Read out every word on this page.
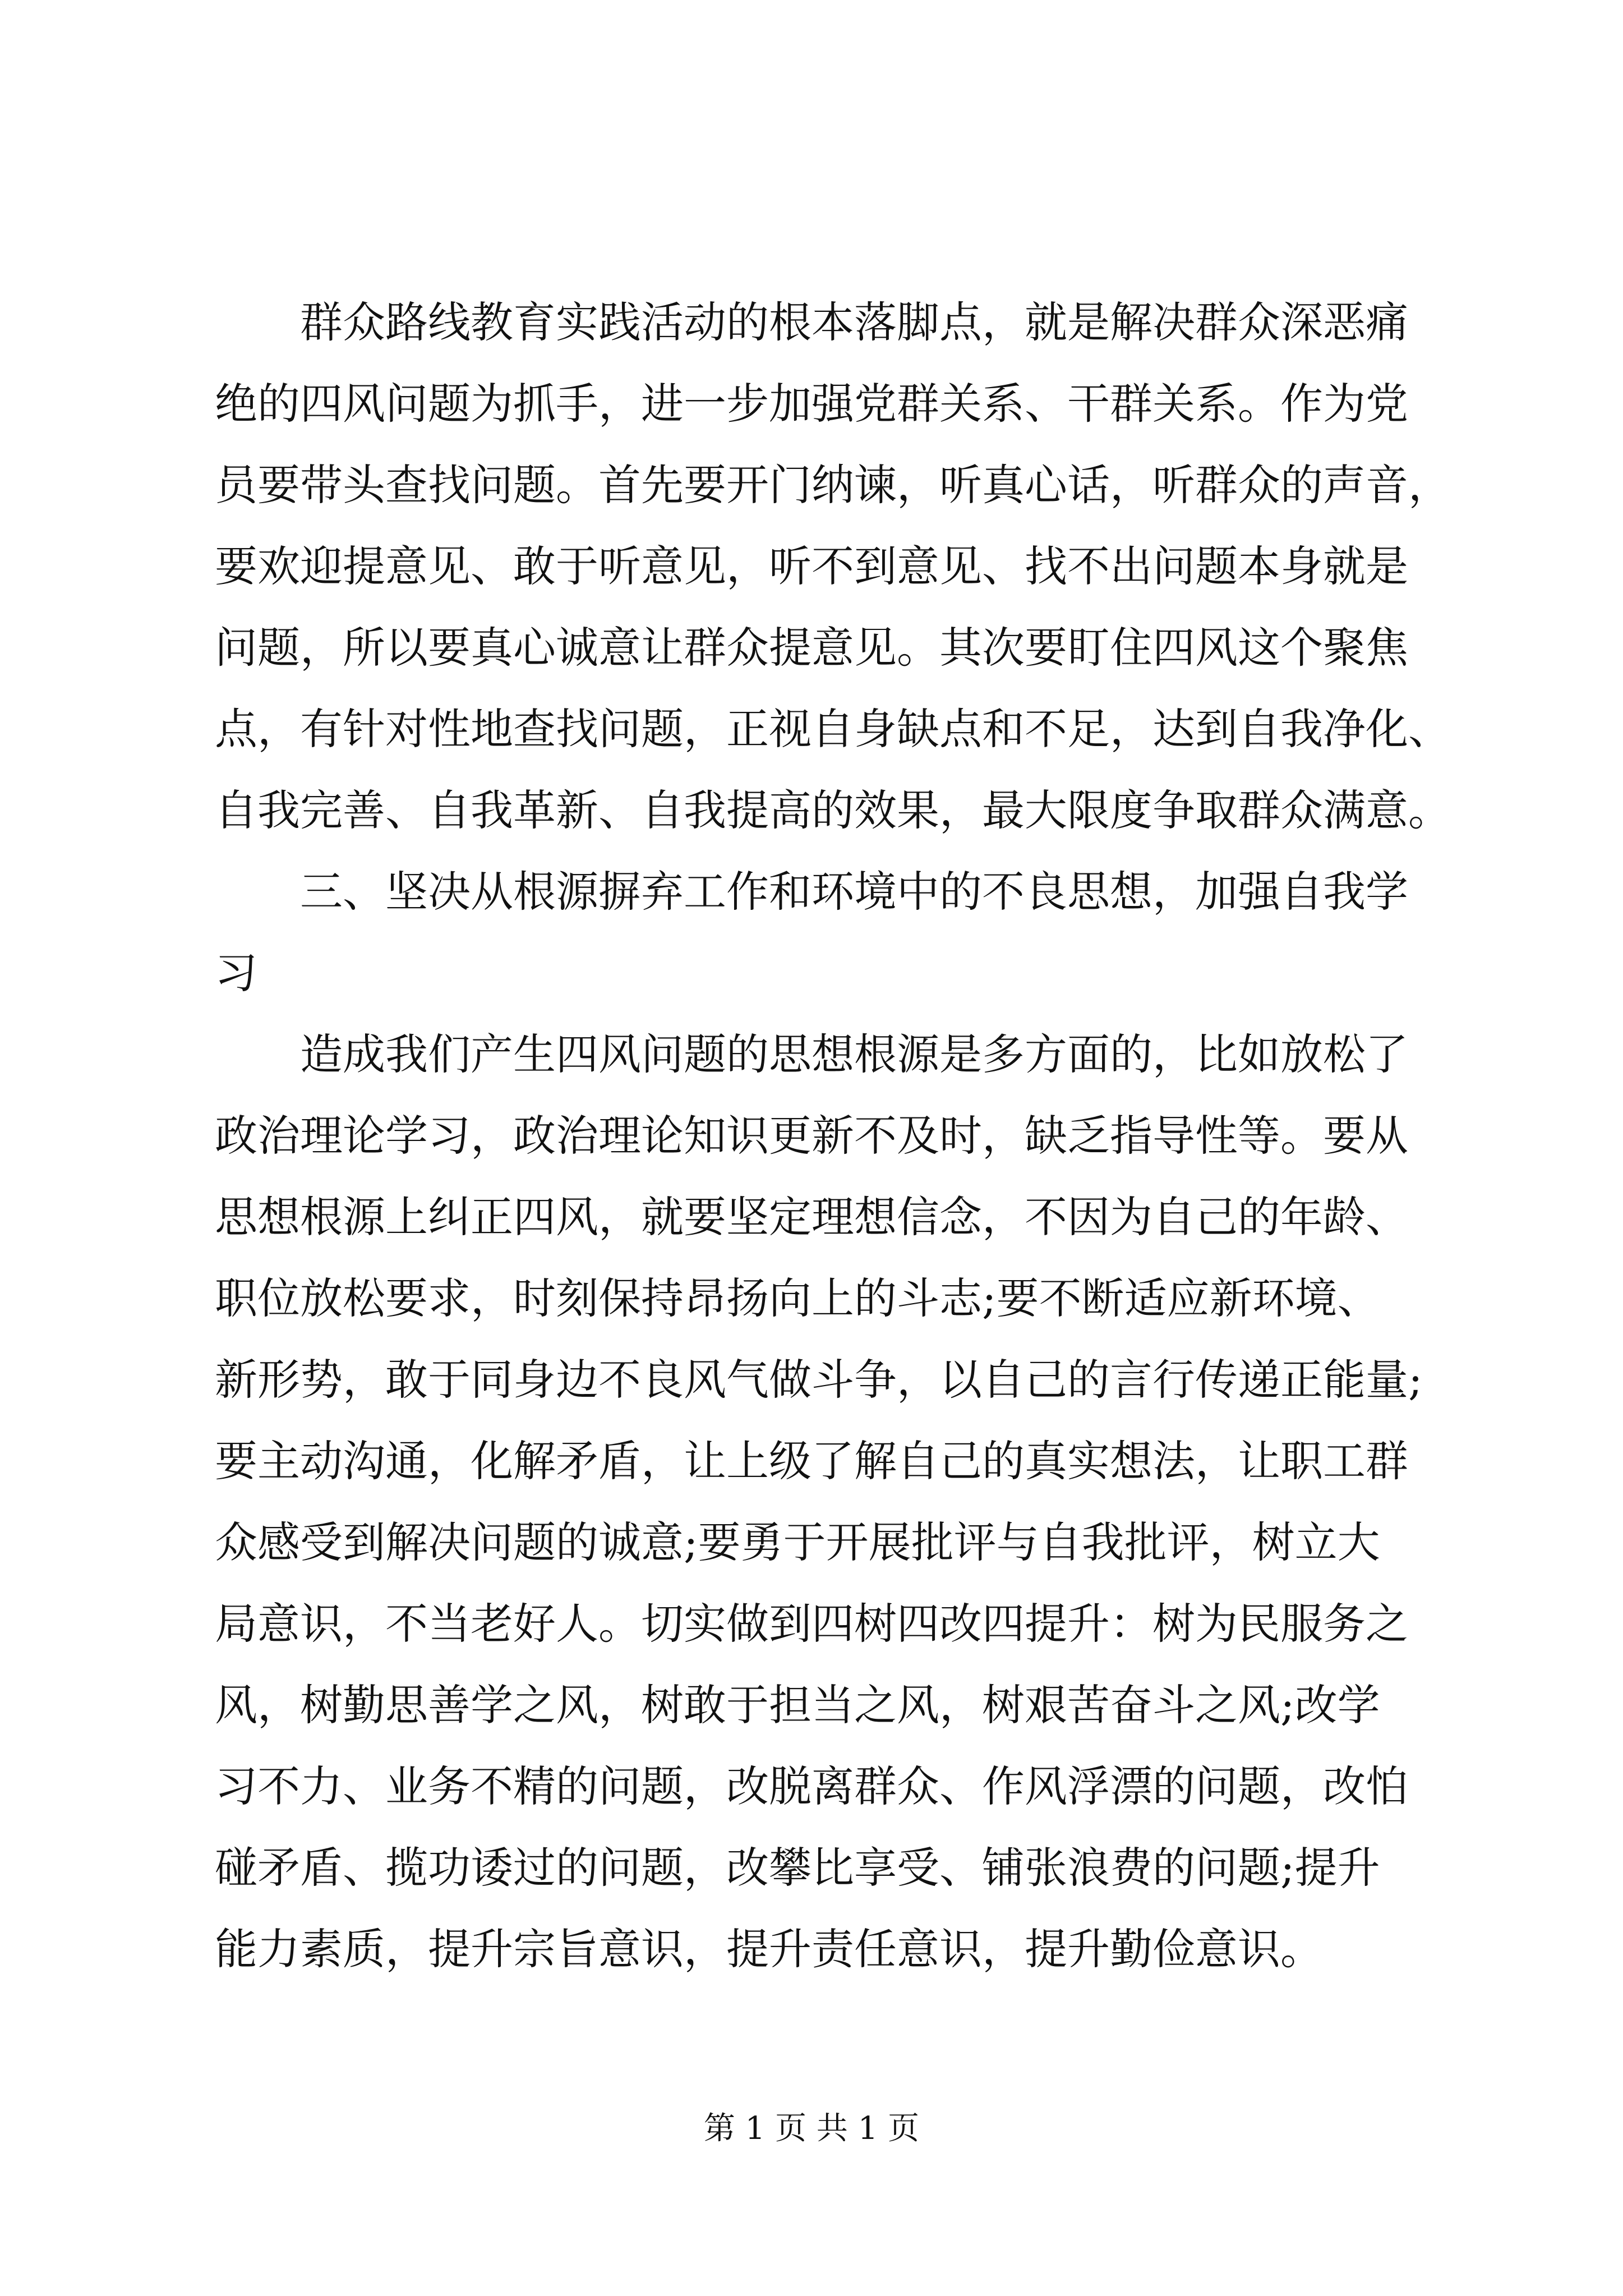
群众路线教育实践活动的根本落脚点，就是解决群众深恶痛
绝的四风问题为抓手，进一步加强党群关系、干群关系。作为党
员要带头查找问题。首先要开门纳谏，听真心话，听群众的声音，
要欢迎提意见、敢于听意见，听不到意见、找不出问题本身就是
问题，所以要真心诚意让群众提意见。其次要盯住四风这个聚焦
点，有针对性地查找问题，正视自身缺点和不足，达到自我净化、
自我完善、自我革新、自我提高的效果，最大限度争取群众满意。
三、坚决从根源摒弃工作和环境中的不良思想，加强自我学
习
造成我们产生四风问题的思想根源是多方面的，比如放松了
政治理论学习，政治理论知识更新不及时，缺乏指导性等。要从
思想根源上纠正四风，就要坚定理想信念，不因为自己的年龄、
职位放松要求，时刻保持昂扬向上的斗志;要不断适应新环境、
新形势，敢于同身边不良风气做斗争，以自己的言行传递正能量;
要主动沟通，化解矛盾，让上级了解自己的真实想法，让职工群
众感受到解决问题的诚意;要勇于开展批评与自我批评，树立大
局意识，不当老好人。切实做到四树四改四提升：树为民服务之
风，树勤思善学之风，树敢于担当之风，树艰苦奋斗之风;改学
习不力、业务不精的问题，改脱离群众、作风浮漂的问题，改怕
碰矛盾、揽功诿过的问题，改攀比享受、铺张浪费的问题;提升
能力素质，提升宗旨意识，提升责任意识，提升勤俭意识。
第 1 页 共 1 页
